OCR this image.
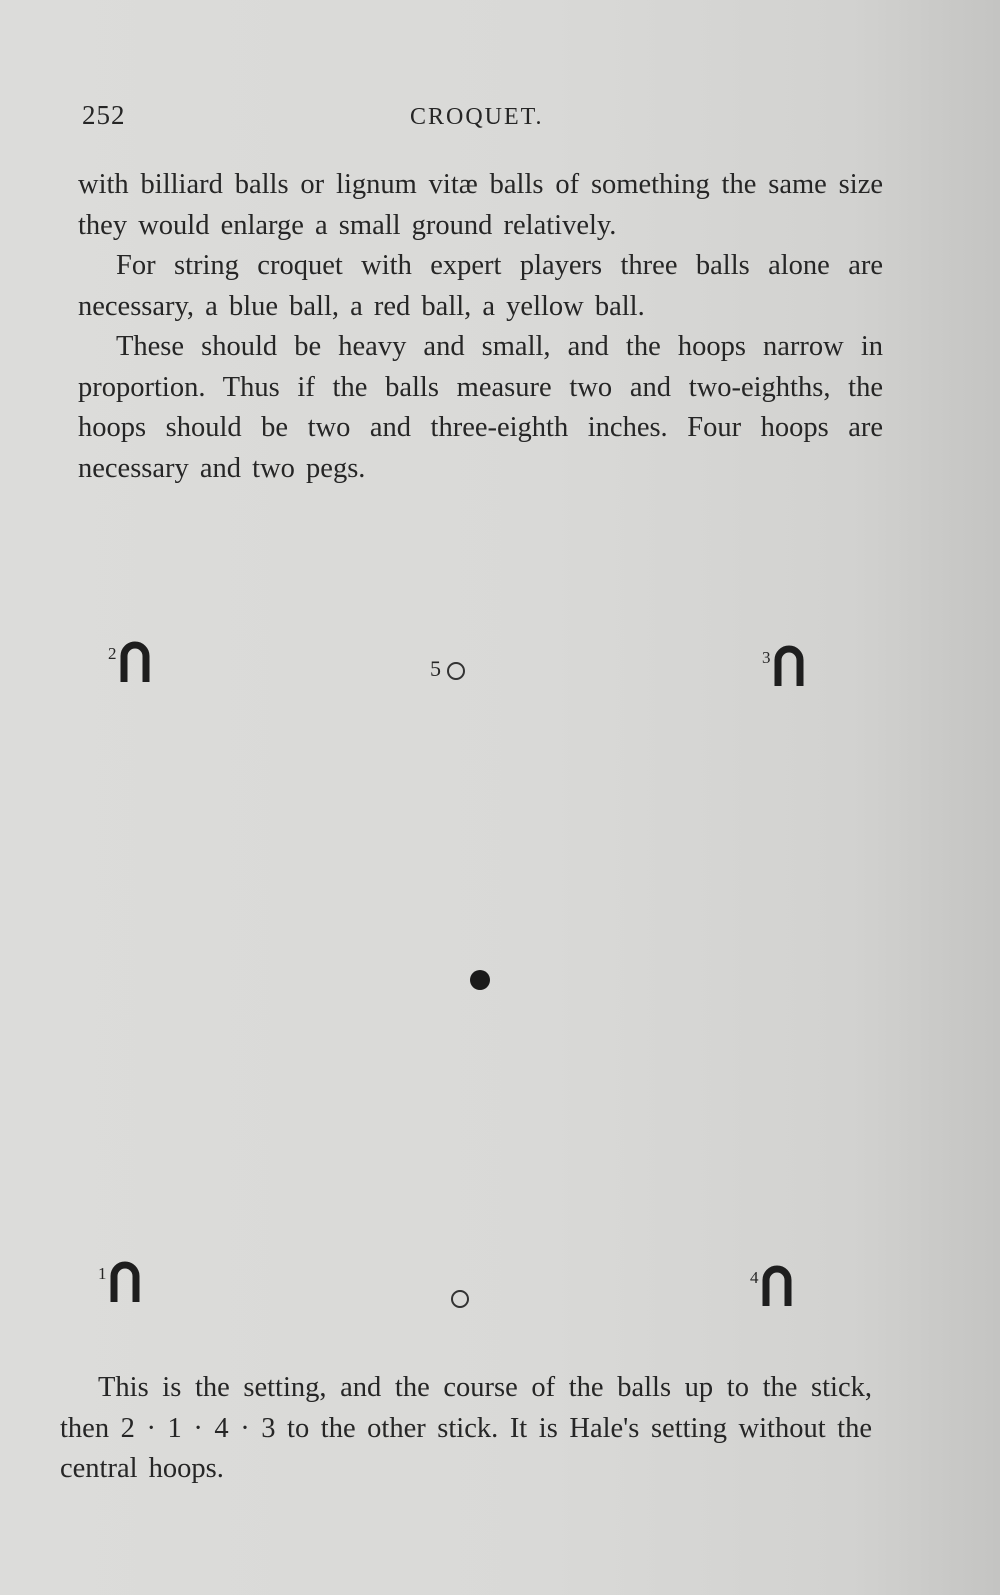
252	CROQUET.

with billiard balls or lignum vitæ balls of something the same size they would enlarge a small ground relatively.

For string croquet with expert players three balls alone are necessary, a blue ball, a red ball, a yellow ball.

These should be heavy and small, and the hoops narrow in proportion. Thus if the balls measure two and two-eighths, the hoops should be two and three-eighth inches. Four hoops are necessary and two pegs.

2
5	3
1	4

This is the setting, and the course of the balls up to the stick, then 2 · 1 · 4 · 3 to the other stick. It is Hale's setting without the central hoops.
